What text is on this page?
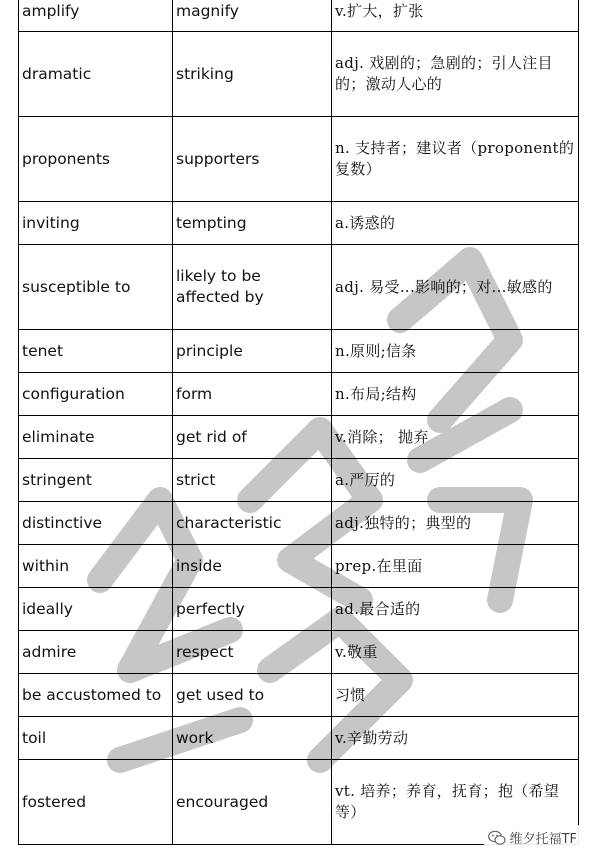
amplify	magnify	v.扩大，扩张
dramatic	striking	adj. 戏剧的；急剧的；引人注目的；激动人心的
proponents	supporters	n. 支持者；建议者（proponent的复数）
inviting	tempting	a.诱惑的
susceptible to	likely to be affected by	adj. 易受...影响的；对...敏感的
tenet	principle	n.原则;信条
configuration	form	n.布局;结构
eliminate	get rid of	v.消除； 抛弃
stringent	strict	a.严厉的
distinctive	characteristic	adj.独特的；典型的
within	inside	prep.在里面
ideally	perfectly	ad.最合适的
admire	respect	v.敬重
be accustomed to	get used to	习惯
toil	work	v.辛勤劳动
fostered	encouraged	vt. 培养；养育，抚育；抱（希望等）
维夕托福TF
